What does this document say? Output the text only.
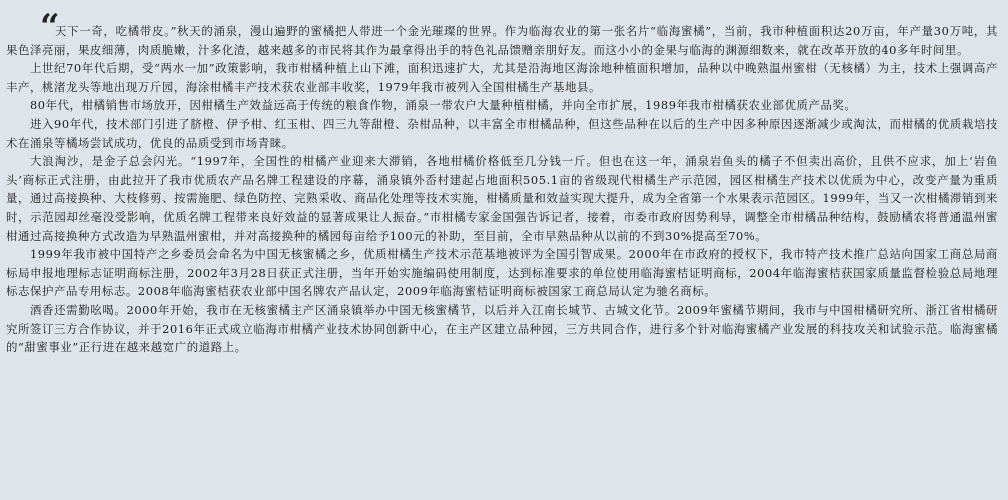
“

天下一奇，吃橘带皮。”秋天的涌泉，漫山遍野的蜜橘把人带进一个金光璀璨的世界。作为临海农业的第一张名片“临海蜜橘”，当前，我市种植面积达20万亩，年产量30万吨，其果色泽亮丽，果皮细薄，肉质脆嫩，汁多化渣，越来越多的市民将其作为最拿得出手的特色礼品馈赠亲朋好友。而这小小的金果与临海的渊源细数来，就在改革开放的40多年时间里。

上世纪70年代后期，受“两水一加”政策影响，我市柑橘种植上山下滩，面积迅速扩大，尤其是沿海地区海涂地种植面积增加，品种以中晚熟温州蜜柑（无核橘）为主，技术上强调高产丰产，桃渚龙头等地出现万斤园，海涂柑橘丰产技术获农业部丰收奖，1979年我市被列入全国柑橘生产基地县。

80年代，柑橘销售市场放开，因柑橘生产效益远高于传统的粮食作物，涌泉一带农户大量种植柑橘，并向全市扩展，1989年我市柑橘获农业部优质产品奖。

进入90年代，技术部门引进了脐橙、伊予柑、红玉柑、四三九等甜橙、杂柑品种，以丰富全市柑橘品种，但这些品种在以后的生产中因多种原因逐渐减少或淘汰，而柑橘的优质栽培技术在涌泉等橘场尝试成功，优良的品质受到市场青睐。

大浪淘沙，是金子总会闪光。“1997年，全国性的柑橘产业迎来大滞销，各地柑橘价格低至几分钱一斤。但也在这一年，涌泉岩鱼头的橘子不但卖出高价，且供不应求，加上‘岩鱼头’商标正式注册，由此拉开了我市优质农产品名牌工程建设的序幕，涌泉镇外岙村建起占地面积505.1亩的省级现代柑橘生产示范园，园区柑橘生产技术以优质为中心，改变产量为重质量，通过高接换种、大枝修剪、按需施肥、绿色防控、完熟采收、商品化处理等技术实施，柑橘质量和效益实现大提升，成为全省第一个水果表示范园区。1999年，当又一次柑橘滞销到来时，示范园却丝毫没受影响，优质名牌工程带来良好效益的显著成果让人振奋。”市柑橘专家金国强告诉记者，接着，市委市政府因势利导，调整全市柑橘品种结构，鼓励橘农将普通温州蜜柑通过高接换种方式改造为早熟温州蜜柑，并对高接换种的橘园每亩给予100元的补助，至目前，全市早熟品种从以前的不到30%提高至70%。

1999年我市被中国特产之乡委员会命名为中国无核蜜橘之乡，优质柑橘生产技术示范基地被评为全国引智成果。2000年在市政府的授权下，我市特产技术推广总站向国家工商总局商标局申报地理标志证明商标注册，2002年3月28日获正式注册，当年开始实施编码使用制度，达到标准要求的单位使用临海蜜桔证明商标，2004年临海蜜桔获国家质量监督检验总局地理标志保护产品专用标志。2008年临海蜜桔获农业部中国名牌农产品认定，2009年临海蜜桔证明商标被国家工商总局认定为驰名商标。

酒香还需勤吆喝。2000年开始，我市在无核蜜橘主产区涌泉镇举办中国无核蜜橘节，以后并入江南长城节、古城文化节。2009年蜜橘节期间，我市与中国柑橘研究所、浙江省柑橘研究所签订三方合作协议，并于2016年正式成立临海市柑橘产业技术协同创新中心，在主产区建立品种园，三方共同合作，进行多个针对临海蜜橘产业发展的科技攻关和试验示范。临海蜜橘的“甜蜜事业”正行进在越来越宽广的道路上。
